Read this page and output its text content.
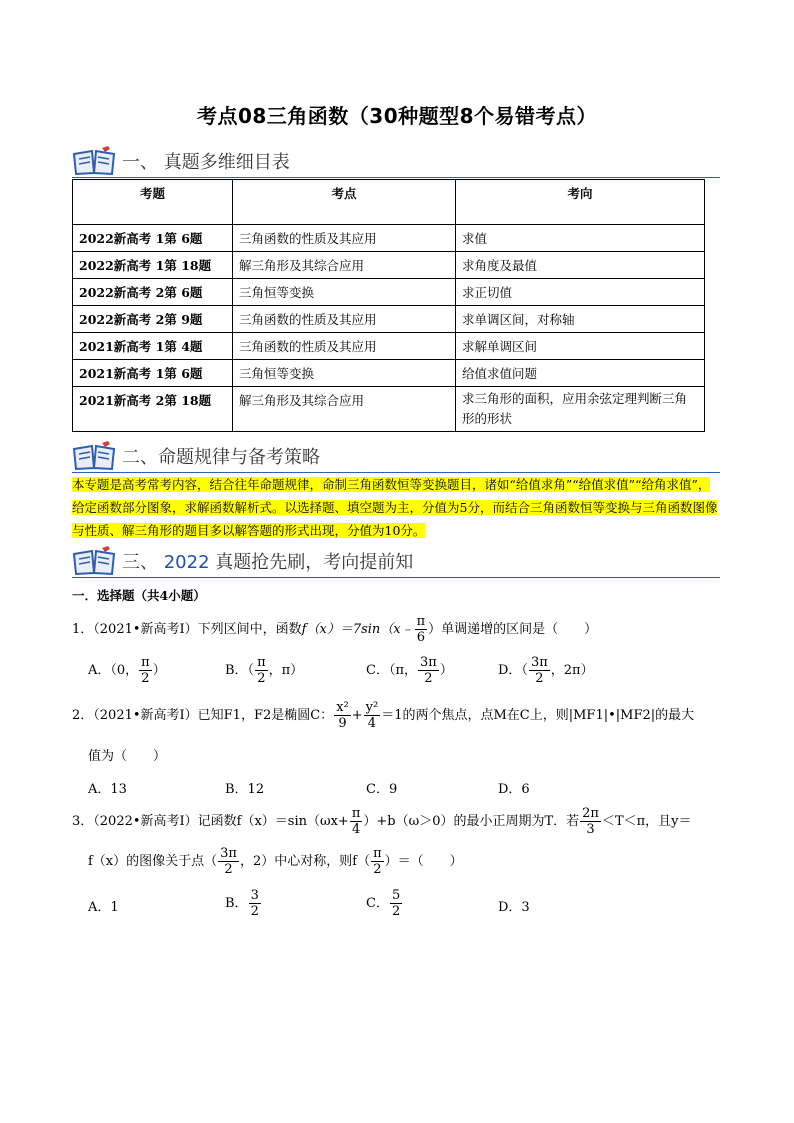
考点08三角函数（30种题型8个易错考点）
一、 真题多维细目表
考题	考点	考向
2022新高考 1第 6题	三角函数的性质及其应用	求值
2022新高考 1第 18题	解三角形及其综合应用	求角度及最值
2022新高考 2第 6题	三角恒等变换	求正切值
2022新高考 2第 9题	三角函数的性质及其应用	求单调区间，对称轴
2021新高考 1第 4题	三角函数的性质及其应用	求解单调区间
2021新高考 1第 6题	三角恒等变换	给值求值问题
2021新高考 2第 18题	解三角形及其综合应用	求三角形的面积，应用余弦定理判断三角形的形状
二、命题规律与备考策略
本专题是高考常考内容，结合往年命题规律，命制三角函数恒等变换题目，诸如“给值求角”“给值求值”“给角求值”，给定函数部分图象，求解函数解析式。以选择题、填空题为主，分值为5分，而结合三角函数恒等变换与三角函数图像与性质、解三角形的题目多以解答题的形式出现，分值为10分。
三、 2022 真题抢先刷，考向提前知
一．选择题（共4小题）
1．（2021•新高考Ⅰ）下列区间中，函数f（x）＝7sin（x﹣ $\frac{\pi}{6}$ ）单调递增的区间是（　　）
A．（0， $\frac{\pi}{2}$ ）	B．（ $\frac{\pi}{2}$ ，π）	C．（π， $\frac{3\pi}{2}$ ）	D．（ $\frac{3\pi}{2}$ ，2π）
2．（2021•新高考Ⅰ）已知F1，F2是椭圆C： $\frac{\text{x²}}{9} + \frac{\text{y²}}{4} =1$的两个焦点，点M在C上，则|MF1|•|MF2|的最大
值为（　　）
A．13	B．12	C．9	D．6
3．（2022•新高考Ⅰ）记函数$f(x)=\sin(\omega x+ \frac{\pi}{4} )+b(\omega>0)$的最小正周期为T．若 $\frac{2\pi}{3} <T<\pi$，且y＝
f（x）的图像关于点（ $\frac{3\pi}{2}$ ，2）中心对称，则$f( \frac{\pi}{2}$ ）＝（　　）
A．1	B． $\frac{3}{2}$	C． $\frac{5}{2}$	D．3
